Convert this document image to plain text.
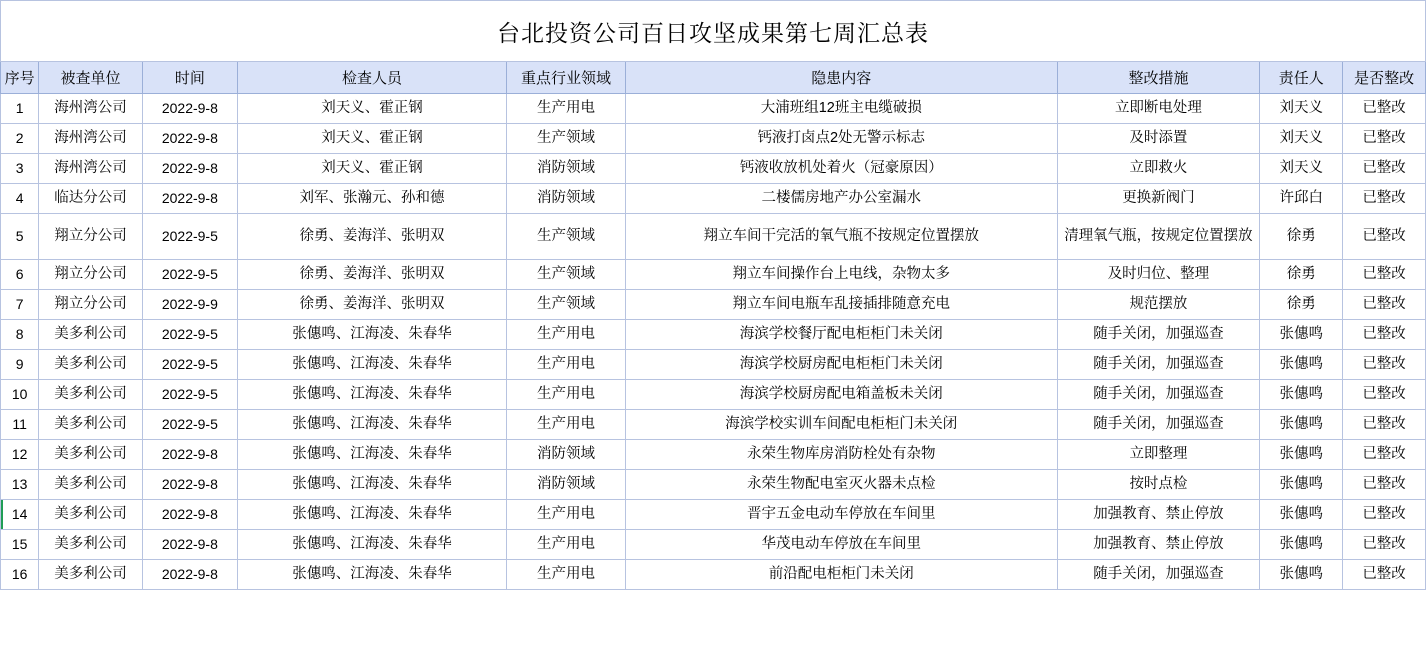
台北投资公司百日攻坚成果第七周汇总表								
序号	被查单位	时间	检查人员	重点行业领域	隐患内容	整改措施	责任人	是否整改
1	海州湾公司	2022-9-8	刘天义、霍正钢	生产用电	大浦班组12班主电缆破损	立即断电处理	刘天义	已整改
2	海州湾公司	2022-9-8	刘天义、霍正钢	生产领域	钙液打卤点2处无警示标志	及时添置	刘天义	已整改
3	海州湾公司	2022-9-8	刘天义、霍正钢	消防领域	钙液收放机处着火（冠豪原因）	立即救火	刘天义	已整改
4	临达分公司	2022-9-8	刘军、张瀚元、孙和德	消防领域	二楼儒房地产办公室漏水	更换新阀门	许邱白	已整改
5	翔立分公司	2022-9-5	徐勇、姜海洋、张明双	生产领域	翔立车间干完活的氧气瓶不按规定位置摆放	清理氧气瓶，按规定位置摆放	徐勇	已整改
6	翔立分公司	2022-9-5	徐勇、姜海洋、张明双	生产领域	翔立车间操作台上电线，杂物太多	及时归位、整理	徐勇	已整改
7	翔立分公司	2022-9-9	徐勇、姜海洋、张明双	生产领域	翔立车间电瓶车乱接插排随意充电	规范摆放	徐勇	已整改
8	美多利公司	2022-9-5	张僡鸣、江海凌、朱春华	生产用电	海滨学校餐厅配电柜柜门未关闭	随手关闭，加强巡查	张僡鸣	已整改
9	美多利公司	2022-9-5	张僡鸣、江海凌、朱春华	生产用电	海滨学校厨房配电柜柜门未关闭	随手关闭，加强巡查	张僡鸣	已整改
10	美多利公司	2022-9-5	张僡鸣、江海凌、朱春华	生产用电	海滨学校厨房配电箱盖板未关闭	随手关闭，加强巡查	张僡鸣	已整改
11	美多利公司	2022-9-5	张僡鸣、江海凌、朱春华	生产用电	海滨学校实训车间配电柜柜门未关闭	随手关闭，加强巡查	张僡鸣	已整改
12	美多利公司	2022-9-8	张僡鸣、江海凌、朱春华	消防领域	永荣生物库房消防栓处有杂物	立即整理	张僡鸣	已整改
13	美多利公司	2022-9-8	张僡鸣、江海凌、朱春华	消防领域	永荣生物配电室灭火器未点检	按时点检	张僡鸣	已整改
14	美多利公司	2022-9-8	张僡鸣、江海凌、朱春华	生产用电	晋宇五金电动车停放在车间里	加强教育、禁止停放	张僡鸣	已整改
15	美多利公司	2022-9-8	张僡鸣、江海凌、朱春华	生产用电	华茂电动车停放在车间里	加强教育、禁止停放	张僡鸣	已整改
16	美多利公司	2022-9-8	张僡鸣、江海凌、朱春华	生产用电	前沿配电柜柜门未关闭	随手关闭，加强巡查	张僡鸣	已整改
